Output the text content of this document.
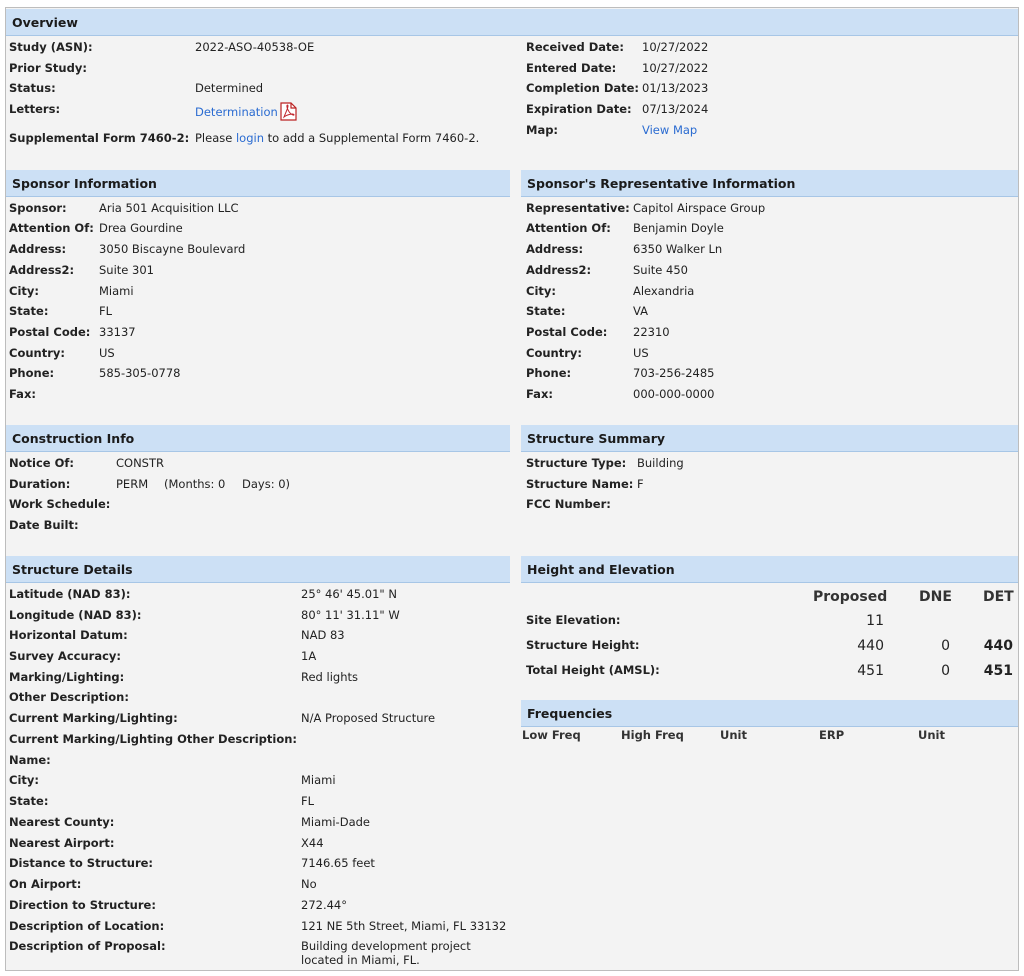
Overview
Study (ASN):	2022-ASO-40538-OE
Prior Study:
Status:	Determined
Letters:	Determination
Supplemental Form 7460-2: Please login to add a Supplemental Form 7460-2.
Received Date: 10/27/2022
Entered Date: 10/27/2022
Completion Date: 01/13/2023
Expiration Date: 07/13/2024
Map:	View Map
Sponsor Information
Sponsor:	Aria 501 Acquisition LLC
Attention Of: Drea Gourdine
Address:	3050 Biscayne Boulevard
Address2: Suite 301
City:	Miami
State:	FL
Postal Code: 33137
Country:	US
Phone:	585-305-0778
Fax:
Sponsor's Representative Information
Representative: Capitol Airspace Group
Attention Of: Benjamin Doyle
Address:	6350 Walker Ln
Address2:	Suite 450
City:	Alexandria
State:	VA
Postal Code: 22310
Country:	US
Phone:	703-256-2485
Fax:	000-000-0000
Construction Info
Notice Of:	CONSTR
Duration:	PERM (Months: 0 Days: 0)
Work Schedule:
Date Built:
Structure Summary
Structure Type: Building
Structure Name: F
FCC Number:
Structure Details
Latitude (NAD 83):	25° 46' 45.01" N
Longitude (NAD 83):	80° 11' 31.11" W
Horizontal Datum:	NAD 83
Survey Accuracy:	1A
Marking/Lighting:	Red lights
Other Description:
Current Marking/Lighting:	N/A Proposed Structure
Current Marking/Lighting Other Description:
Name:
City:	Miami
State:	FL
Nearest County:	Miami-Dade
Nearest Airport:	X44
Distance to Structure:	7146.65 feet
On Airport:	No
Direction to Structure:	272.44°
Description of Location:	121 NE 5th Street, Miami, FL 33132
Description of Proposal:	Building development project
located in Miami, FL.
Height and Elevation
Proposed DNE DET
Site Elevation:	11
Structure Height:	440	0	440
Total Height (AMSL):	451	0	451
Frequencies
Low Freq	High Freq	Unit	ERP	Unit
